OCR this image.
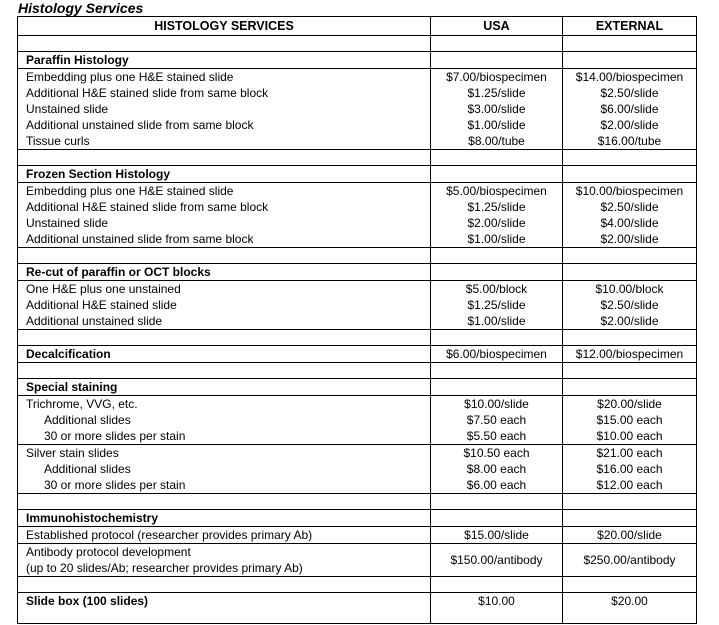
Histology Services
HISTOLOGY SERVICES	USA	EXTERNAL

Paraffin Histology		
Embedding plus one H&E stained slide	$7.00/biospecimen	$14.00/biospecimen
Additional H&E stained slide from same block	$1.25/slide	$2.50/slide
Unstained slide	$3.00/slide	$6.00/slide
Additional unstained slide from same block	$1.00/slide	$2.00/slide
Tissue curls	$8.00/tube	$16.00/tube

Frozen Section Histology		
Embedding plus one H&E stained slide	$5.00/biospecimen	$10.00/biospecimen
Additional H&E stained slide from same block	$1.25/slide	$2.50/slide
Unstained slide	$2.00/slide	$4.00/slide
Additional unstained slide from same block	$1.00/slide	$2.00/slide

Re-cut of paraffin or OCT blocks		
One H&E plus one unstained	$5.00/block	$10.00/block
Additional H&E stained slide	$1.25/slide	$2.50/slide
Additional unstained slide	$1.00/slide	$2.00/slide

Decalcification	$6.00/biospecimen	$12.00/biospecimen

Special staining		
Trichrome, VVG, etc.	$10.00/slide	$20.00/slide
Additional slides	$7.50 each	$15.00 each
30 or more slides per stain	$5.50 each	$10.00 each
Silver stain slides	$10.50 each	$21.00 each
Additional slides	$8.00 each	$16.00 each
30 or more slides per stain	$6.00 each	$12.00 each

Immunohistochemistry		
Established protocol (researcher provides primary Ab)	$15.00/slide	$20.00/slide

Antibody protocol development
(up to 20 slides/Ab; researcher provides primary Ab)	$150.00/antibody	$250.00/antibody

Slide box (100 slides)	$10.00	$20.00
